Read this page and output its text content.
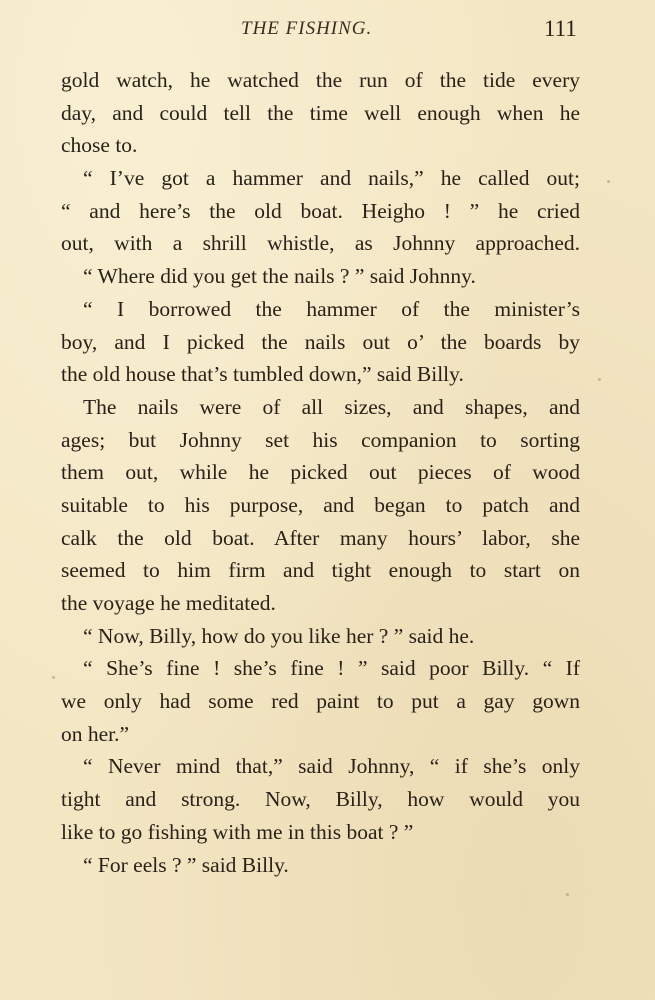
THE FISHING.	111
gold watch, he watched the run of the tide every
day, and could tell the time well enough when he
chose to.
“ I’ve got a hammer and nails,” he called out;
“ and here’s the old boat. Heigho ! ” he cried
out, with a shrill whistle, as Johnny approached.
“ Where did you get the nails ? ” said Johnny.
“ I borrowed the hammer of the minister’s
boy, and I picked the nails out o’ the boards by
the old house that’s tumbled down,” said Billy.
The nails were of all sizes, and shapes, and
ages; but Johnny set his companion to sorting
them out, while he picked out pieces of wood
suitable to his purpose, and began to patch and
calk the old boat. After many hours’ labor, she
seemed to him firm and tight enough to start on
the voyage he meditated.
“ Now, Billy, how do you like her ? ” said he.
“ She’s fine ! she’s fine ! ” said poor Billy. “ If
we only had some red paint to put a gay gown
on her.”
“ Never mind that,” said Johnny, “ if she’s only
tight and strong. Now, Billy, how would you
like to go fishing with me in this boat ? ”
“ For eels ? ” said Billy.
